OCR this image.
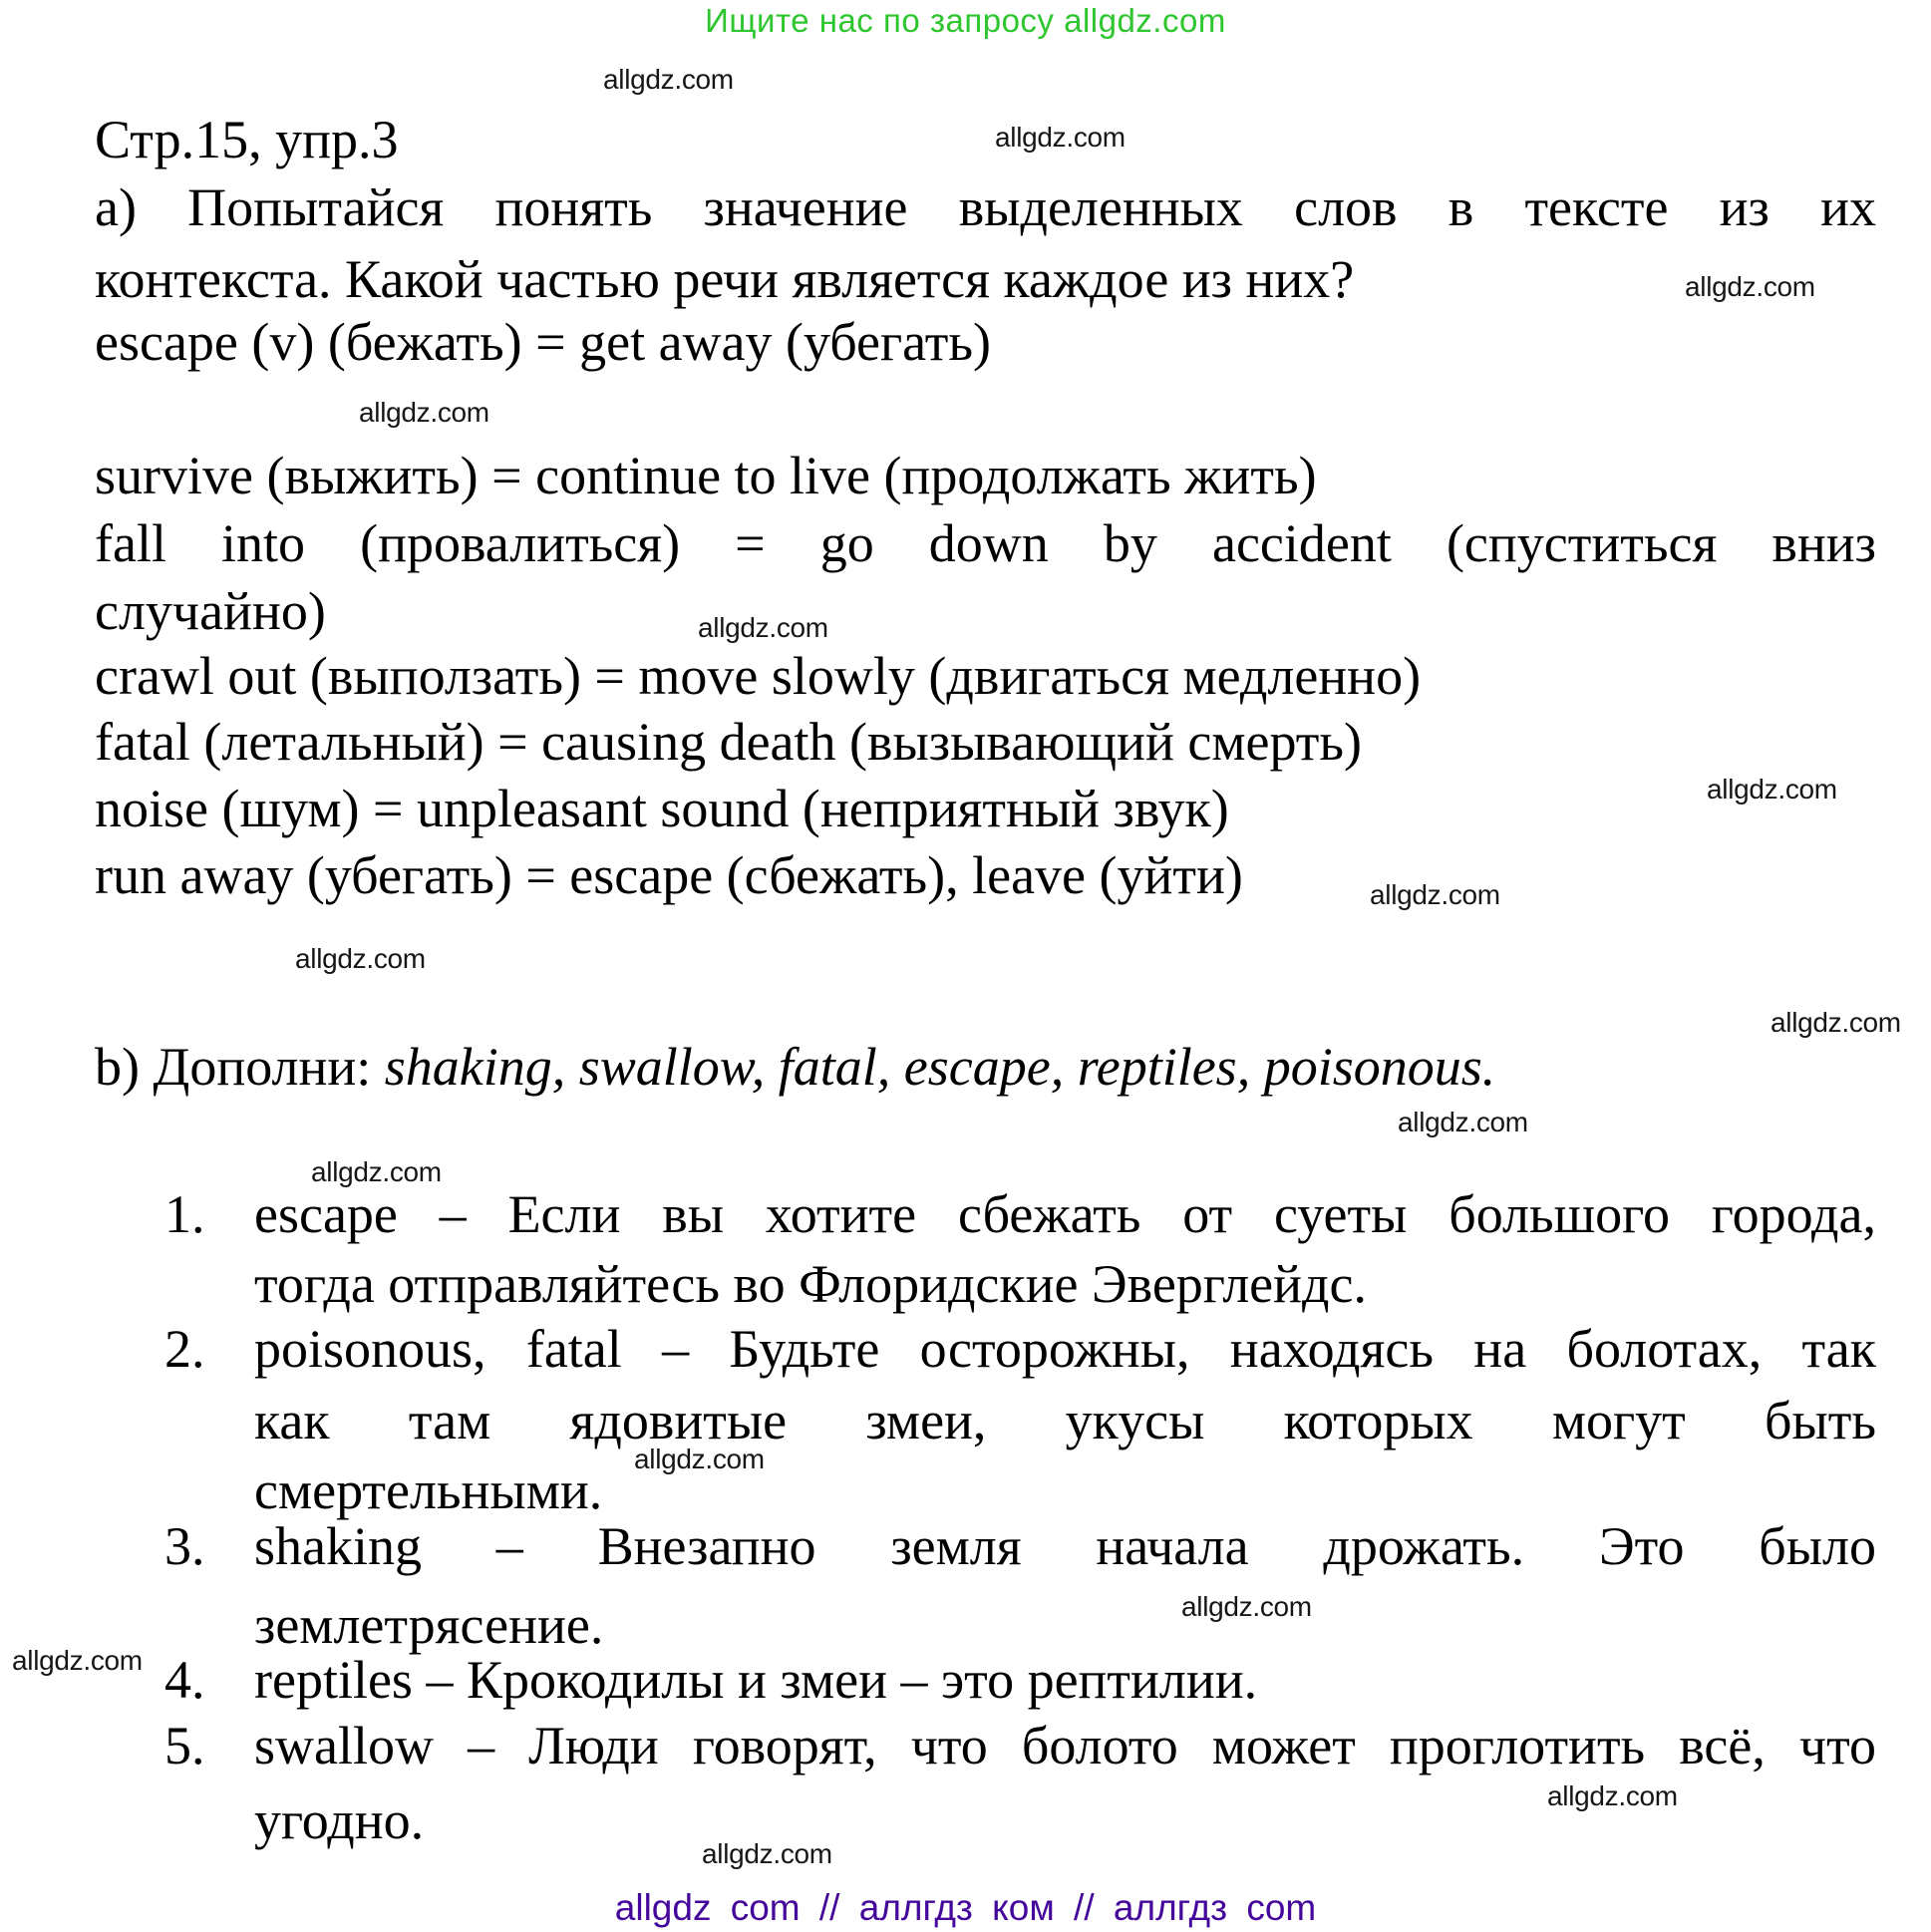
Ищите нас по запросу allgdz.com
allgdz.com
allgdz.com
allgdz.com
allgdz.com
allgdz.com
allgdz.com
allgdz.com
allgdz.com
allgdz.com
allgdz.com
allgdz.com
allgdz.com
allgdz.com
allgdz.com
allgdz.com
allgdz.com
Стр.15, упр.3
a) Попытайся понять значение выделенных слов в тексте из их
контекста. Какой частью речи является каждое из них?
escape (v) (бежать) = get away (убегать)
survive (выжить) = continue to live (продолжать жить)
fall into (провалиться) = go down by accident (спуститься вниз
случайно)
crawl out (выползать) = move slowly (двигаться медленно)
fatal (летальный) = causing death (вызывающий смерть)
noise (шум) = unpleasant sound (неприятный звук)
run away (убегать) = escape (сбежать), leave (уйти)
b) Дополни: shaking, swallow, fatal, escape, reptiles, poisonous.
1. escape – Если вы хотите сбежать от суеты большого города,
тогда отправляйтесь во Флоридские Эверглейдс.
2. poisonous, fatal – Будьте осторожны, находясь на болотах, так
как там ядовитые змеи, укусы которых могут быть
смертельными.
3. shaking – Внезапно земля начала дрожать. Это было
землетрясение.
4. reptiles – Крокодилы и змеи – это рептилии.
5. swallow – Люди говорят, что болото может проглотить всё, что
угодно.
allgdz com // аллгдз ком // аллгдз com
